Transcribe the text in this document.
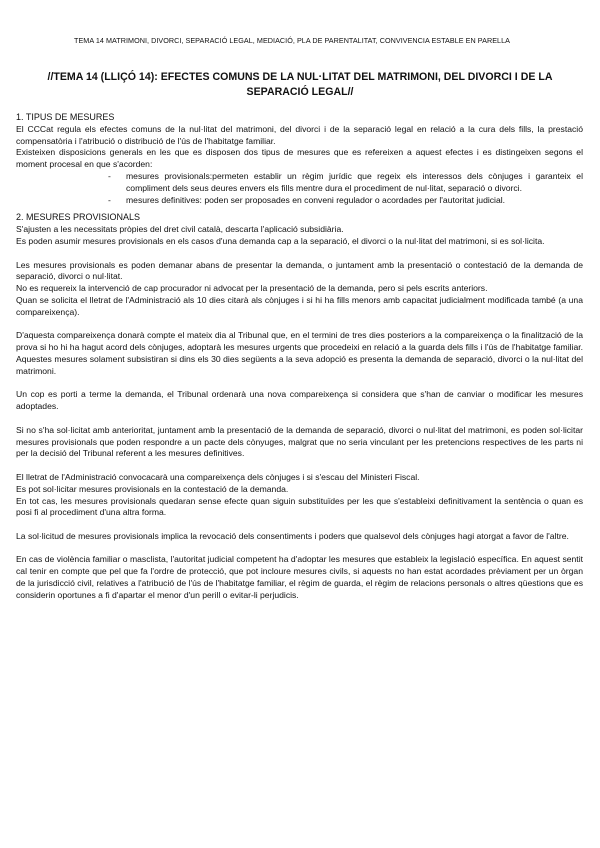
TEMA 14 MATRIMONI, DIVORCI, SEPARACIÓ LEGAL, MEDIACIÓ, PLA DE PARENTALITAT, CONVIVENCIA ESTABLE EN PARELLA
//TEMA 14 (LLIÇÓ 14): EFECTES COMUNS DE LA NUL·LITAT DEL MATRIMONI, DEL DIVORCI I DE LA SEPARACIÓ LEGAL//

1. TIPUS DE MESURES

El CCCat regula els efectes comuns de la nul·litat del matrimoni, del divorci i de la separació legal en relació a la cura dels fills, la prestació compensatòria i l'atribució o distribució de l'ús de l'habitatge familiar.

Existeixen disposicions generals en les que es disposen dos tipus de mesures que es refereixen a aquest efectes i es distingeixen segons el moment procesal en que s'acorden:

- mesures provisionals:permeten establir un règim jurídic que regeix els interessos dels cònjuges i garanteix el compliment dels seus deures envers els fills mentre dura el procediment de nul·litat, separació o divorci.
- mesures definitives: poden ser proposades en conveni regulador o acordades per l'autoritat judicial.

2. MESURES PROVISIONALS

S'ajusten a les necessitats pròpies del dret civil català, descarta l'aplicació subsidiària.

Es poden asumir mesures provisionals en els casos d'una demanda cap a la separació, el divorci o la nul·litat del matrimoni, si es sol·licita.

Les mesures provisionals es poden demanar abans de presentar la demanda, o juntament amb la presentació o contestació de la demanda de separació, divorci o nul·litat.

No es requereix la intervenció de cap procurador ni advocat per la presentació de la demanda, pero si pels escrits anteriors.

Quan se solicita el lletrat de l'Administració als 10 dies citarà als cònjuges i si hi ha fills menors amb capacitat judicialment modificada també (a una compareixença).

D'aquesta compareixença donarà compte el mateix dia al Tribunal que, en el termini de tres dies posteriors a la compareixença o la finalització de la prova si ho hi ha hagut acord dels cònjuges, adoptarà les mesures urgents que procedeixi en relació a la guarda dels fills i l'ús de l'habitatge familiar. Aquestes mesures solament subsistiran si dins els 30 dies següents a la seva adopció es presenta la demanda de separació, divorci o la nul·litat del matrimoni.

Un cop es porti a terme la demanda, el Tribunal ordenarà una nova compareixença si considera que s'han de canviar o modificar les mesures adoptades.

Si no s'ha sol·licitat amb anterioritat, juntament amb la presentació de la demanda de separació, divorci o nul·litat del matrimoni, es poden sol·licitar mesures provisionals que poden respondre a un pacte dels cònyuges, malgrat que no seria vinculant per les pretencions respectives de les parts ni per la decisió del Tribunal referent a les mesures definitives.

El lletrat de l'Administració convocacarà una compareixença dels cònjuges i si s'escau del Ministeri Fiscal.

Es pot sol·licitar mesures provisionals en la contestació de la demanda.

En tot cas, les mesures provisionals quedaran sense efecte quan siguin substituïdes per les que s'estableixi definitivament la sentència o quan es posi fi al procediment d'una altra forma.

La sol·licitud de mesures provisionals implica la revocació dels consentiments i poders que qualsevol dels cònjuges hagi atorgat a favor de l'altre.

En cas de violència familiar o masclista, l'autoritat judicial competent ha d'adoptar les mesures que estableix la legislació específica. En aquest sentit cal tenir en compte que pel que fa l'ordre de protecció, que pot incloure mesures civils, si aquests no han estat acordades prèviament per un òrgan de la jurisdicció civil, relatives a l'atribució de l'ús de l'habitatge familiar, el règim de guarda, el règim de relacions personals o altres qüestions que es considerin oportunes a fi d'apartar el menor d'un perill o evitar-li perjudicis.
